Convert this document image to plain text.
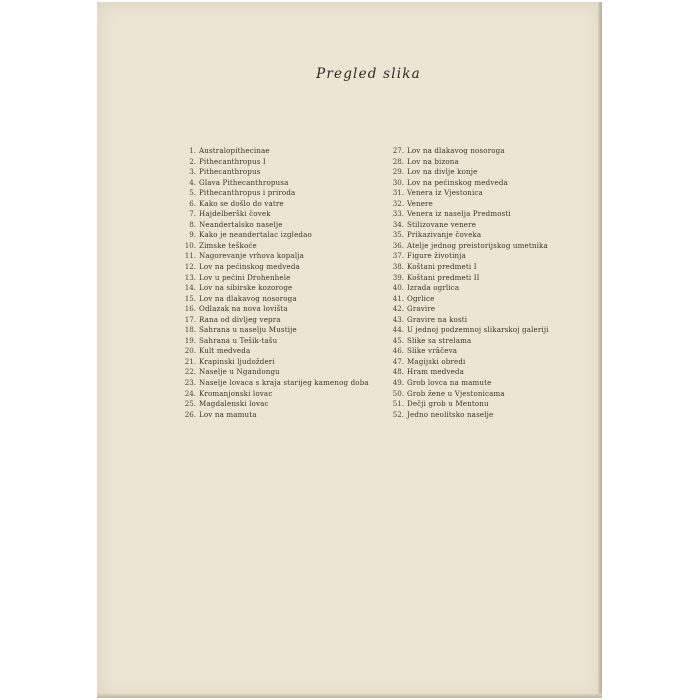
Pregled slika
1. Australopithecinae
2. Pithecanthropus I
3. Pithecanthropus
4. Glava Pithecanthropusa
5. Pithecanthropus i priroda
6. Kako se došlo do vatre
7. Hajdelberški čovek
8. Neandertalsko naselje
9. Kako je neandertalac izgledao
10. Zimske teškoće
11. Nagorevanje vrhova kopalja
12. Lov na pećinskog medveda
13. Lov u pećini Drohenhele
14. Lov na sibirske kozoroge
15. Lov na dlakavog nosoroga
16. Odlazak na nova lovišta
17. Rana od divljeg vepra
18. Sahrana u naselju Mustije
19. Sahrana u Tešik-tašu
20. Kult medveda
21. Krapinski ljudožderi
22. Naselje u Ngandongu
23. Naselje lovaca s kraja starijeg kamenog doba
24. Kromanjonski lovac
25. Magdalenski lovac
26. Lov na mamuta
27. Lov na dlakavog nosoroga
28. Lov na bizona
29. Lov na divlje konje
30. Lov na pećinskog medveda
31. Venera iz Vjestonica
32. Venere
33. Venera iz naselja Predmosti
34. Stilizovane venere
35. Prikazivanje čoveka
36. Atelje jednog preistorijskog umetnika
37. Figure životinja
38. Koštani predmeti I
39. Koštani predmeti II
40. Izrada ogrlica
41. Ogrlice
42. Gravire
43. Gravire na kosti
44. U jednoj podzemnoj slikarskoj galeriji
45. Slike sa strelama
46. Slike vrāčeva
47. Magijski obredi
48. Hram medveda
49. Grob lovca na mamute
50. Grob žene u Vjestonicama
51. Dečji grob u Mentonu
52. Jedno neolitsko naselje
